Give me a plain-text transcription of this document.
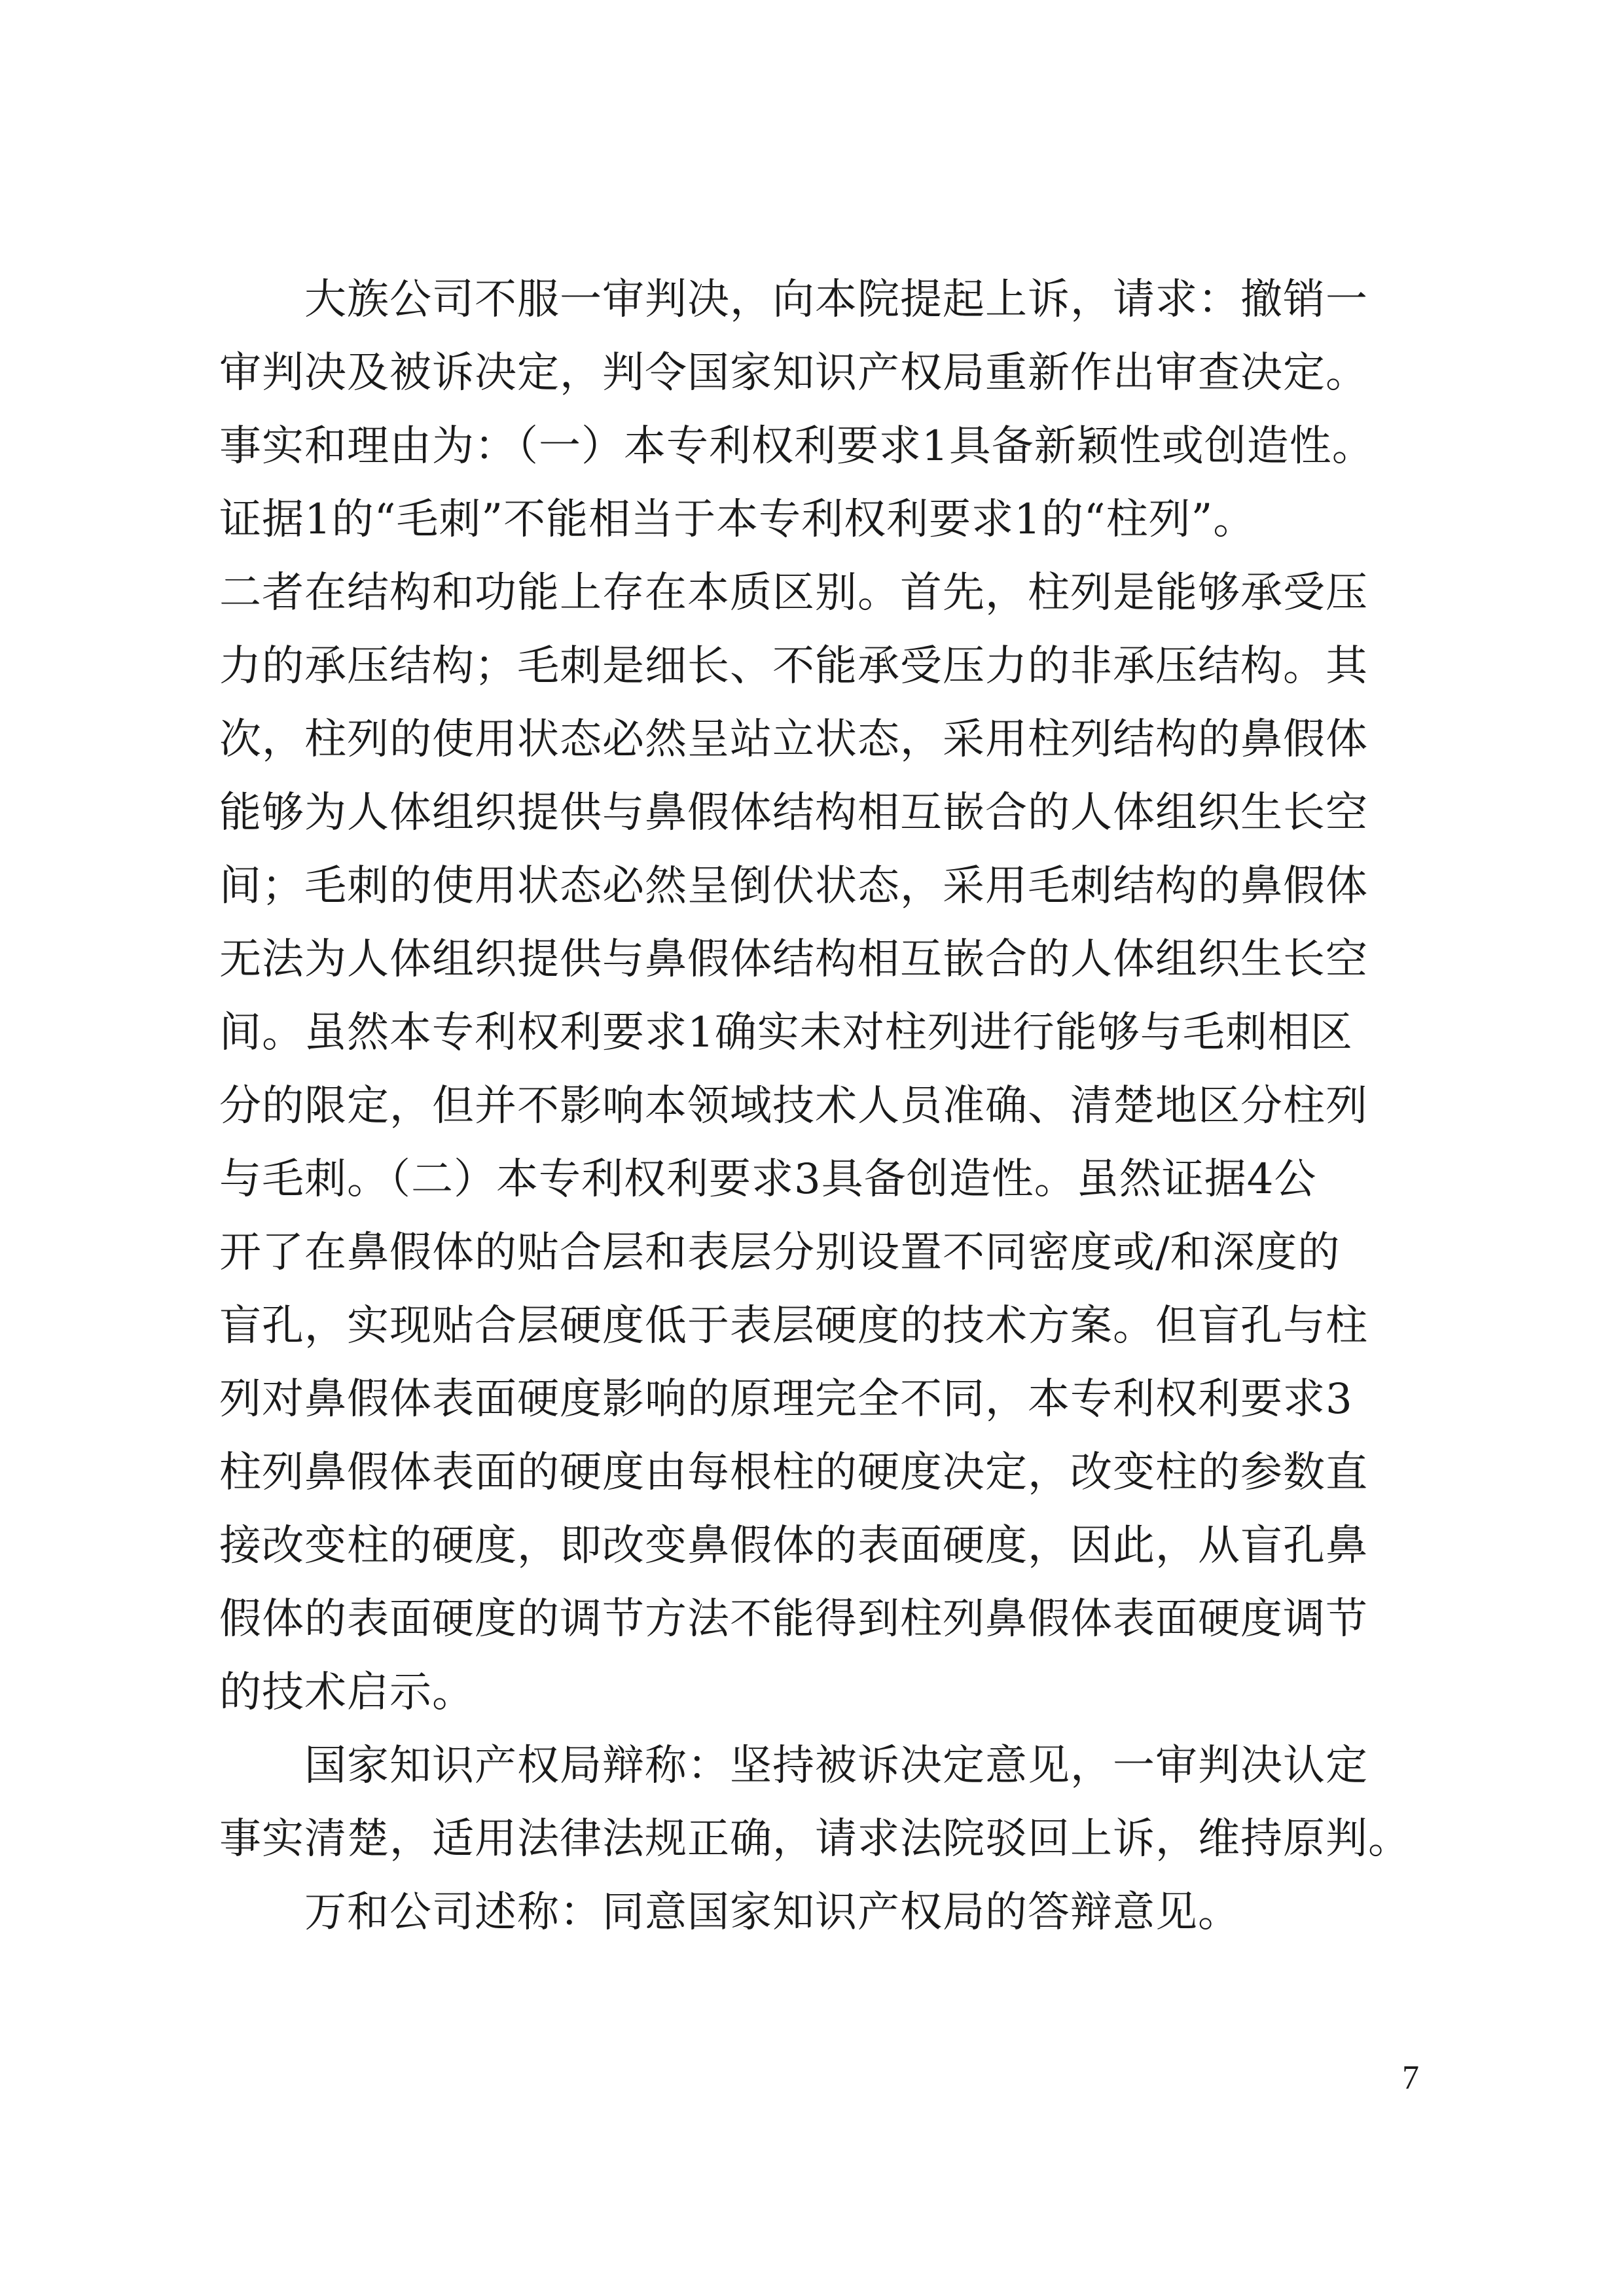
大族公司不服一审判决，向本院提起上诉，请求：撤销一
审判决及被诉决定，判令国家知识产权局重新作出审查决定。
事实和理由为：（一）本专利权利要求1具备新颖性或创造性。
证据1的“毛刺”不能相当于本专利权利要求1的“柱列”。
二者在结构和功能上存在本质区别。首先，柱列是能够承受压
力的承压结构；毛刺是细长、不能承受压力的非承压结构。其
次，柱列的使用状态必然呈站立状态，采用柱列结构的鼻假体
能够为人体组织提供与鼻假体结构相互嵌合的人体组织生长空
间；毛刺的使用状态必然呈倒伏状态，采用毛刺结构的鼻假体
无法为人体组织提供与鼻假体结构相互嵌合的人体组织生长空
间。虽然本专利权利要求1确实未对柱列进行能够与毛刺相区
分的限定，但并不影响本领域技术人员准确、清楚地区分柱列
与毛刺。（二）本专利权利要求3具备创造性。虽然证据4公
开了在鼻假体的贴合层和表层分别设置不同密度或/和深度的
盲孔，实现贴合层硬度低于表层硬度的技术方案。但盲孔与柱
列对鼻假体表面硬度影响的原理完全不同，本专利权利要求3
柱列鼻假体表面的硬度由每根柱的硬度决定，改变柱的参数直
接改变柱的硬度，即改变鼻假体的表面硬度，因此，从盲孔鼻
假体的表面硬度的调节方法不能得到柱列鼻假体表面硬度调节
的技术启示。
国家知识产权局辩称：坚持被诉决定意见，一审判决认定
事实清楚，适用法律法规正确，请求法院驳回上诉，维持原判。
万和公司述称：同意国家知识产权局的答辩意见。
7
